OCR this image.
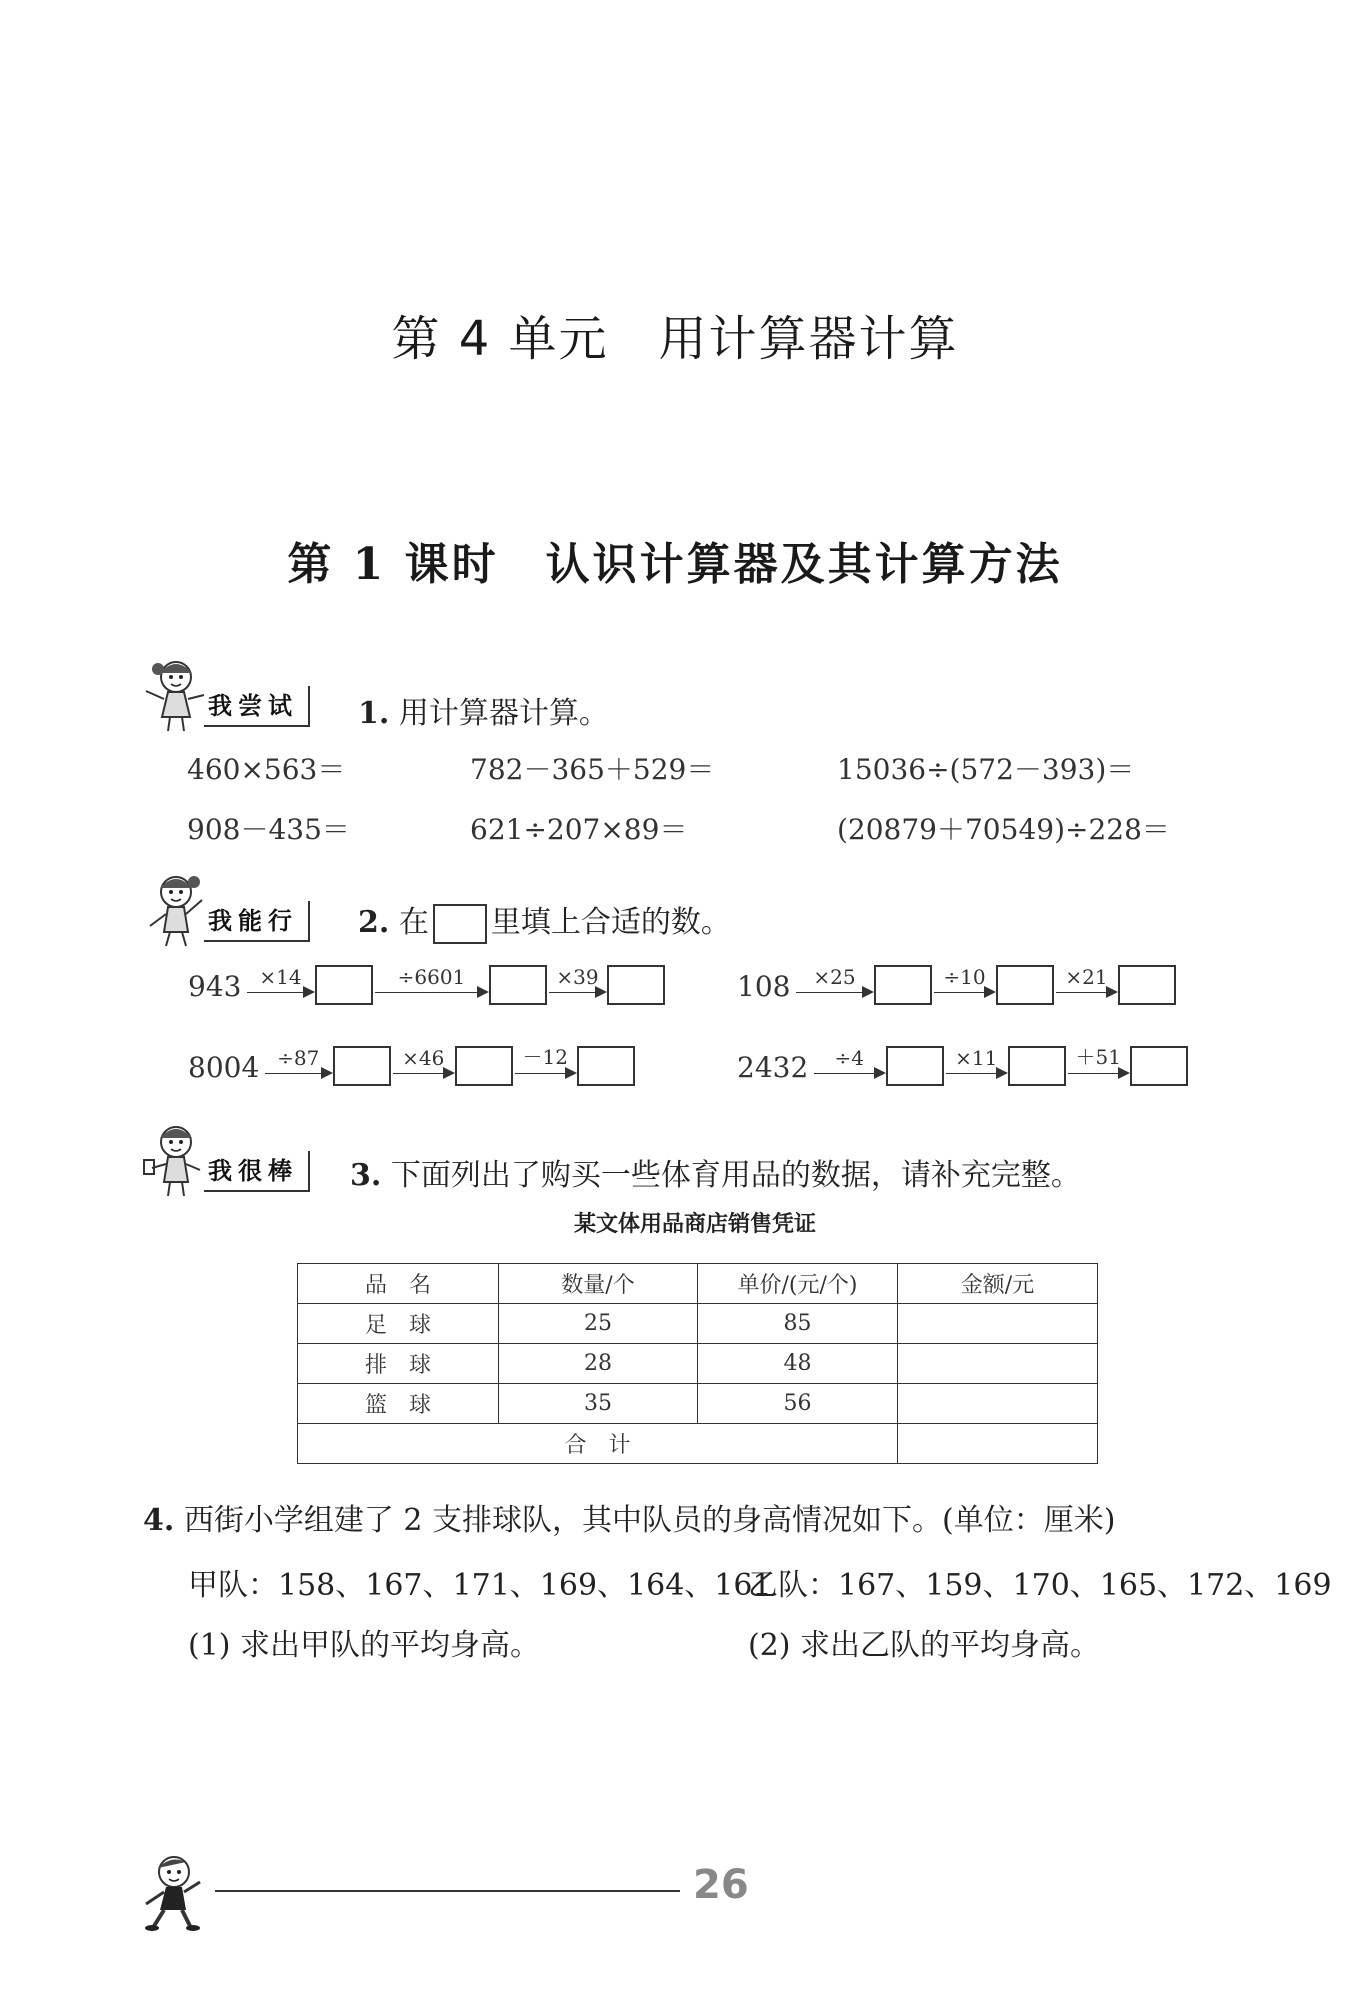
第 4 单元　用计算器计算
第 1 课时　认识计算器及其计算方法
我尝试	1. 用计算器计算。
460×563＝	782－365＋529＝	15036÷(572－393)＝
908－435＝	621÷207×89＝	(20879＋70549)÷228＝
我能行	2. 在 里填上合适的数。
943 ×14	÷6601	×39	108	×25	÷10	×21
8004 ÷87	×46	－12	2432	÷4	×11	＋51
我很棒	3. 下面列出了购买一些体育用品的数据，请补充完整。
某文体用品商店销售凭证
品　名	数量/个	单价/(元/个)	金额/元
足　球	25	85	
排　球	28	48	
篮　球	35	56	
合　计			
4. 西街小学组建了 2 支排球队，其中队员的身高情况如下。(单位：厘米)
甲队：158、167、171、169、164、161
乙队：167、159、170、165、172、169
(1) 求出甲队的平均身高。	(2) 求出乙队的平均身高。
26
